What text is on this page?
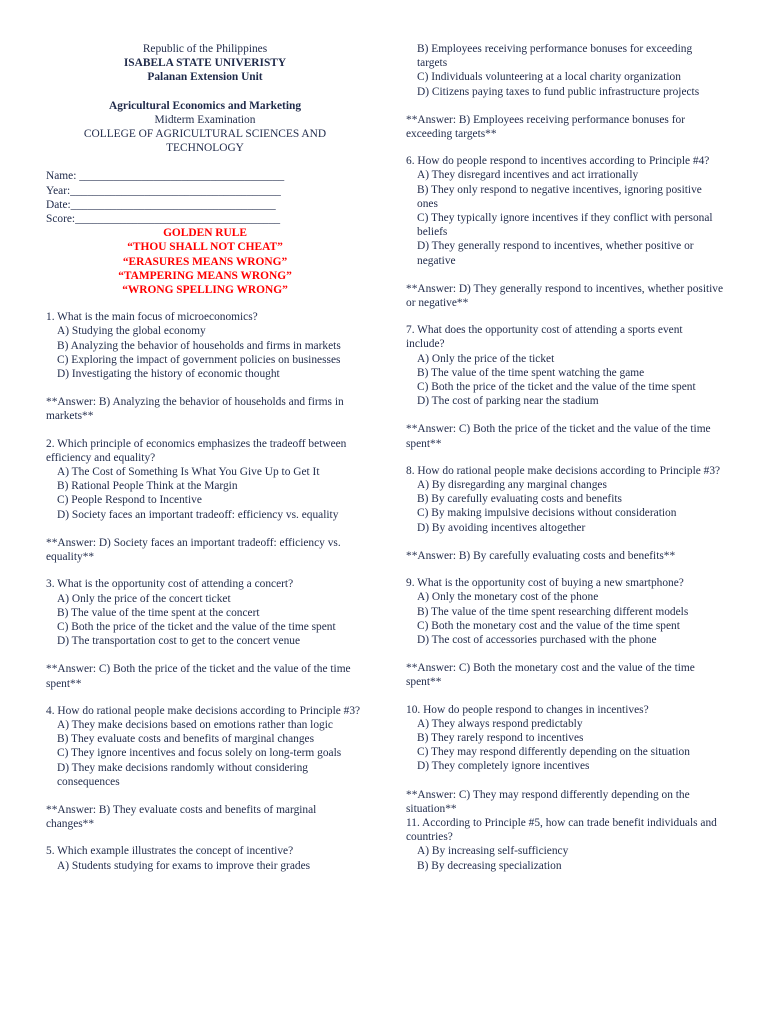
Republic of the Philippines
ISABELA STATE UNIVERISTY
Palanan Extension Unit
Agricultural Economics and Marketing
Midterm Examination
COLLEGE OF AGRICULTURAL SCIENCES AND TECHNOLOGY
Name: ____________________________________
Year:_____________________________________
Date:____________________________________
Score:____________________________________
GOLDEN RULE
“THOU SHALL NOT CHEAT”
“ERASURES MEANS WRONG”
“TAMPERING MEANS WRONG”
“WRONG SPELLING WRONG”
1. What is the main focus of microeconomics?
A) Studying the global economy
B) Analyzing the behavior of households and firms in markets
C) Exploring the impact of government policies on businesses
D) Investigating the history of economic thought
**Answer: B) Analyzing the behavior of households and firms in markets**
2. Which principle of economics emphasizes the tradeoff between efficiency and equality?
A) The Cost of Something Is What You Give Up to Get It
B) Rational People Think at the Margin
C) People Respond to Incentive
D) Society faces an important tradeoff: efficiency vs. equality
**Answer: D) Society faces an important tradeoff: efficiency vs. equality**
3. What is the opportunity cost of attending a concert?
A) Only the price of the concert ticket
B) The value of the time spent at the concert
C) Both the price of the ticket and the value of the time spent
D) The transportation cost to get to the concert venue
**Answer: C) Both the price of the ticket and the value of the time spent**
4. How do rational people make decisions according to Principle #3?
A) They make decisions based on emotions rather than logic
B) They evaluate costs and benefits of marginal changes
C) They ignore incentives and focus solely on long-term goals
D) They make decisions randomly without considering consequences
**Answer: B) They evaluate costs and benefits of marginal changes**
5. Which example illustrates the concept of incentive?
A) Students studying for exams to improve their grades
B) Employees receiving performance bonuses for exceeding targets
C) Individuals volunteering at a local charity organization
D) Citizens paying taxes to fund public infrastructure projects
**Answer: B) Employees receiving performance bonuses for exceeding targets**
6. How do people respond to incentives according to Principle #4?
A) They disregard incentives and act irrationally
B) They only respond to negative incentives, ignoring positive ones
C) They typically ignore incentives if they conflict with personal beliefs
D) They generally respond to incentives, whether positive or negative
**Answer: D) They generally respond to incentives, whether positive or negative**
7. What does the opportunity cost of attending a sports event include?
A) Only the price of the ticket
B) The value of the time spent watching the game
C) Both the price of the ticket and the value of the time spent
D) The cost of parking near the stadium
**Answer: C) Both the price of the ticket and the value of the time spent**
8. How do rational people make decisions according to Principle #3?
A) By disregarding any marginal changes
B) By carefully evaluating costs and benefits
C) By making impulsive decisions without consideration
D) By avoiding incentives altogether
**Answer: B) By carefully evaluating costs and benefits**
9. What is the opportunity cost of buying a new smartphone?
A) Only the monetary cost of the phone
B) The value of the time spent researching different models
C) Both the monetary cost and the value of the time spent
D) The cost of accessories purchased with the phone
**Answer: C) Both the monetary cost and the value of the time spent**
10. How do people respond to changes in incentives?
A) They always respond predictably
B) They rarely respond to incentives
C) They may respond differently depending on the situation
D) They completely ignore incentives
**Answer: C) They may respond differently depending on the situation**
11. According to Principle #5, how can trade benefit individuals and countries?
A) By increasing self-sufficiency
B) By decreasing specialization
